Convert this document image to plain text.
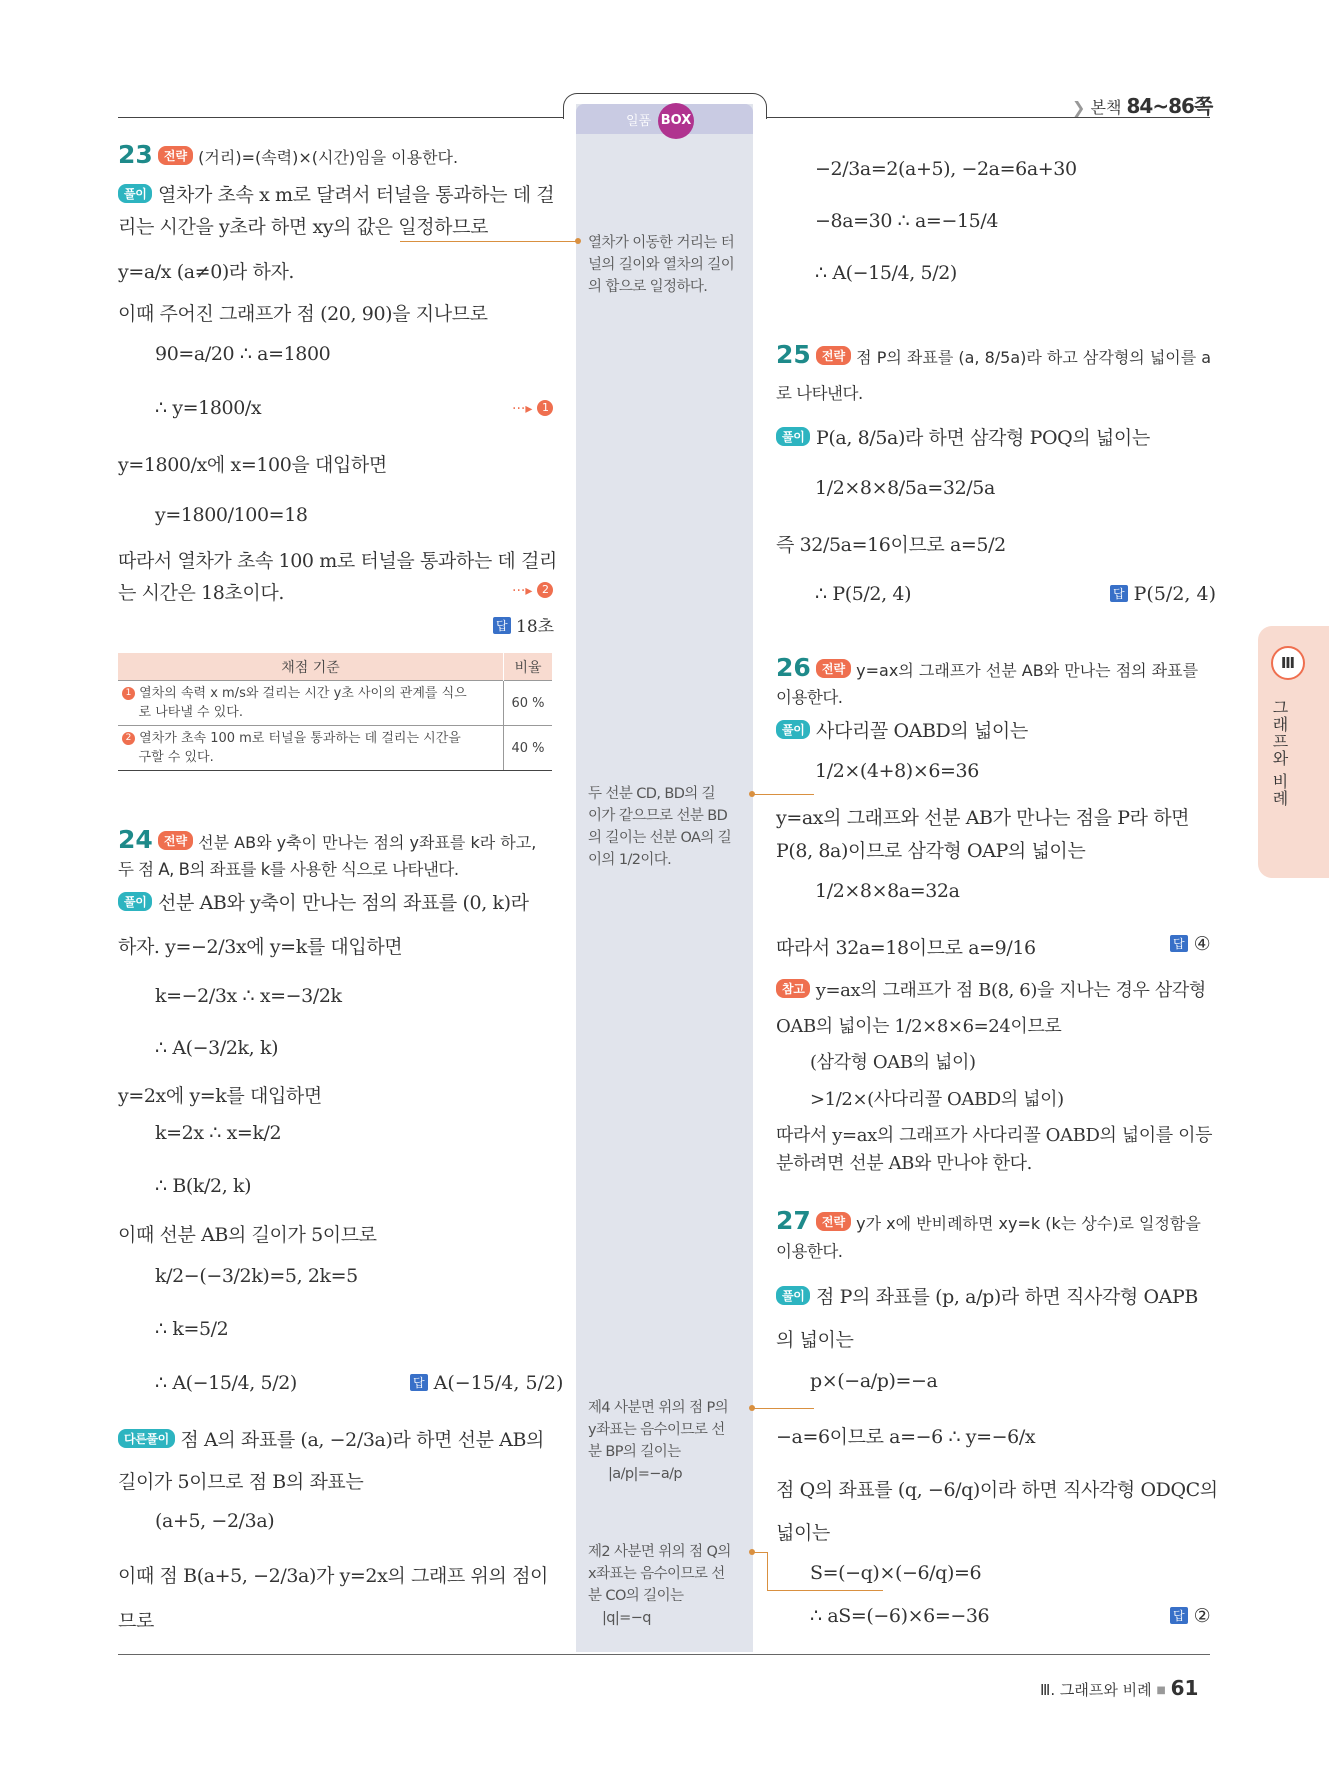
일품 BOX
❯ 본책 84~86쪽
Ⅲ
그래프와 비례
23 전략 (거리)=(속력)×(시간)임을 이용한다.
풀이 열차가 초속 x m로 달려서 터널을 통과하는 데 걸
리는 시간을 y초라 하면 xy의 값은 일정하므로
y=a/x (a≠0)라 하자.
이때 주어진 그래프가 점 (20, 90)을 지나므로
90=a/20 ∴ a=1800
∴ y=1800/x	···▸ 1
y=1800/x에 x=100을 대입하면
y=1800/100=18
따라서 열차가 초속 100 m로 터널을 통과하는 데 걸리
는 시간은 18초이다.	···▸ 2
답 18초
채점 기준	비율
1 열차의 속력 x m/s와 걸리는 시간 y초 사이의 관계를 식으
로 나타낼 수 있다.	60 %
2 열차가 초속 100 m로 터널을 통과하는 데 걸리는 시간을
구할 수 있다.	40 %
24 전략 선분 AB와 y축이 만나는 점의 y좌표를 k라 하고,
두 점 A, B의 좌표를 k를 사용한 식으로 나타낸다.
풀이 선분 AB와 y축이 만나는 점의 좌표를 (0, k)라
하자. y=−2/3x에 y=k를 대입하면
k=−2/3x ∴ x=−3/2k
∴ A(−3/2k, k)
y=2x에 y=k를 대입하면
k=2x ∴ x=k/2
∴ B(k/2, k)
이때 선분 AB의 길이가 5이므로
k/2−(−3/2k)=5, 2k=5
∴ k=5/2
∴ A(−15/4, 5/2)	답 A(−15/4, 5/2)
다른풀이 점 A의 좌표를 (a, −2/3a)라 하면 선분 AB의
길이가 5이므로 점 B의 좌표는
(a+5, −2/3a)
이때 점 B(a+5, −2/3a)가 y=2x의 그래프 위의 점이
므로
−2/3a=2(a+5), −2a=6a+30
−8a=30 ∴ a=−15/4
∴ A(−15/4, 5/2)
25 전략 점 P의 좌표를 (a, 8/5a)라 하고 삼각형의 넓이를 a
로 나타낸다.
풀이 P(a, 8/5a)라 하면 삼각형 POQ의 넓이는
1/2×8×8/5a=32/5a
즉 32/5a=16이므로 a=5/2
∴ P(5/2, 4)	답 P(5/2, 4)
26 전략 y=ax의 그래프가 선분 AB와 만나는 점의 좌표를
이용한다.
풀이 사다리꼴 OABD의 넓이는
1/2×(4+8)×6=36
y=ax의 그래프와 선분 AB가 만나는 점을 P라 하면
P(8, 8a)이므로 삼각형 OAP의 넓이는
1/2×8×8a=32a
따라서 32a=18이므로 a=9/16	답 ④
참고 y=ax의 그래프가 점 B(8, 6)을 지나는 경우 삼각형
OAB의 넓이는 1/2×8×6=24이므로
(삼각형 OAB의 넓이)
>1/2×(사다리꼴 OABD의 넓이)
따라서 y=ax의 그래프가 사다리꼴 OABD의 넓이를 이등
분하려면 선분 AB와 만나야 한다.
27 전략 y가 x에 반비례하면 xy=k (k는 상수)로 일정함을
이용한다.
풀이 점 P의 좌표를 (p, a/p)라 하면 직사각형 OAPB
의 넓이는
p×(−a/p)=−a
−a=6이므로 a=−6 ∴ y=−6/x
점 Q의 좌표를 (q, −6/q)이라 하면 직사각형 ODQC의
넓이는
S=(−q)×(−6/q)=6
∴ aS=(−6)×6=−36	답 ②
열차가 이동한 거리는 터
널의 길이와 열차의 길이
의 합으로 일정하다.
두 선분 CD, BD의 길
이가 같으므로 선분 BD
의 길이는 선분 OA의 길
이의 1/2이다.
제4 사분면 위의 점 P의
y좌표는 음수이므로 선
분 BP의 길이는
|a/p|=−a/p
제2 사분면 위의 점 Q의
x좌표는 음수이므로 선
분 CO의 길이는
|q|=−q
Ⅲ. 그래프와 비례 ■ 61
